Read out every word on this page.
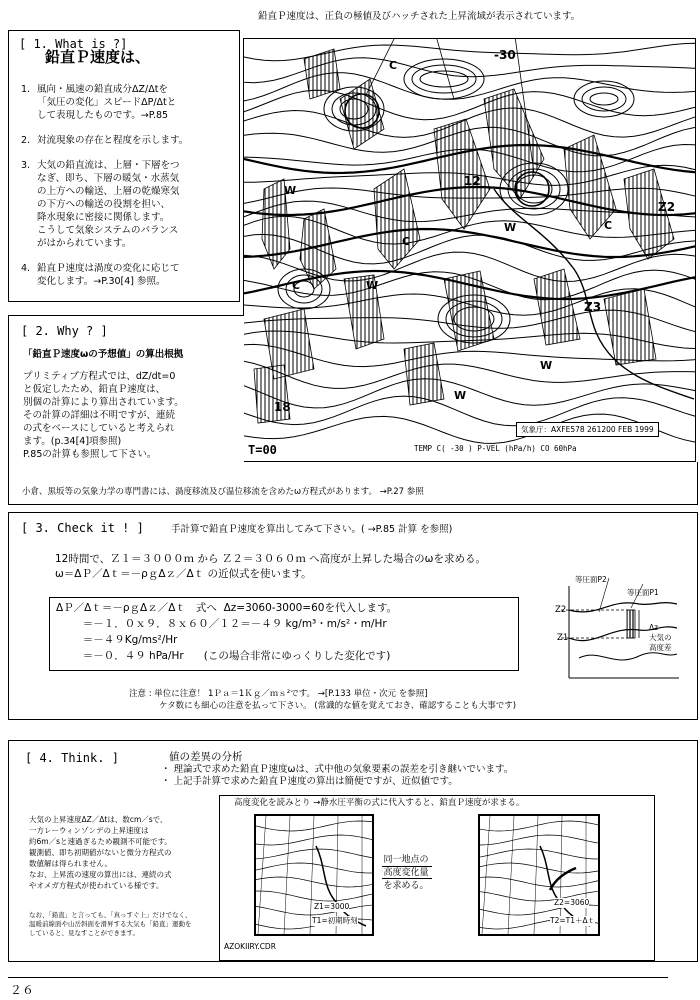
鉛直Ｐ速度は、正負の極値及びハッチされた上昇流域が表示されています。
[ 1. What is ?]
鉛直Ｐ速度は、
1. 風向・風速の鉛直成分ΔZ/Δtを
「気圧の変化」スピードΔP/Δtと
して表現したものです。→P.85
2. 対流現象の存在と程度を示します。
3. 大気の鉛直流は、上層・下層をつ
なぎ、即ち、下層の暖気・水蒸気
の上方への輸送、上層の乾燥寒気
の下方への輸送の役割を担い、
降水現象に密接に関係します。
こうして気象システムのバランス
がはかられています。
4. 鉛直Ｐ速度は渦度の変化に応じて
変化します。→P.30[4] 参照。
-30
C
W
C
W
C
W
12
W
Z3
Z2
18
W
C
気象庁：AXFE578 261200 FEB 1999
TEMP C( -30 ) P-VEL (hPa/h) CO 60hPa
T=00
[ 2. Why ? ]
「鉛直Ｐ速度ωの予想値」の算出根拠
プリミティブ方程式では、dZ/dt=0
と仮定したため、鉛直Ｐ速度は、
別個の計算により算出されています。
その計算の詳細は不明ですが、連続
の式をベースにしていると考えられ
ます。(p.34[4]項参照)
P.85の計算も参照して下さい。
小倉、黒坂等の気象力学の専門書には、渦度移流及び温位移流を含めたω方程式があります。 →P.27 参照
[ 3. Check it ! ]	手計算で鉛直Ｐ速度を算出してみて下さい。( →P.85 計算 を参照)
12時間で、Ｚ１＝３０００ｍ から Ｚ２＝３０６０ｍ へ高度が上昇した場合のωを求める。
ω＝ΔＰ／Δｔ＝－ρｇΔｚ／Δｔ の近似式を使います。
ΔＰ／Δｔ＝－ρｇΔｚ／Δｔ   式へ  Δz=3060-3000=60を代入します。
＝－１．０ｘ９．８ｘ６０／１２＝－４９ kg/m³・m/s²・m/Hr
＝－４９Kg/ms²/Hr
＝－０．４９ hPa/Hr      (この場合非常にゆっくりした変化です)
等圧面P2
等圧面P1
Z2
Z1
Δz
大気の
高度差
注意 : 単位に注意！ 1Ｐａ＝1Ｋｇ／ｍｓ²です。 →[P.133 単位・次元 を参照]
ケタ数にも細心の注意を払って下さい。 (常識的な値を覚えておき、確認することも大事です)
[ 4. Think. ]	値の差異の分析
・ 理論式で求めた鉛直Ｐ速度ωは、式中他の気象要素の誤差を引き継いでいます。
・ 上記手計算で求めた鉛直Ｐ速度の算出は簡便ですが、近似値です。
大気の上昇速度ΔZ／Δtは、数cm／sで、
一方レーウィンゾンデの上昇速度は
約6m／sと速過ぎるため観測不可能です。
観測値、即ち初期値がないと微分方程式の
数値解は得られません。
なお、上昇流の速度の算出には、連続の式
やオメガ方程式が使われている様です。
なお、「鉛直」と言っても、「真っすぐ上」だけでなく、
温暖前線面や山岳斜面を滑昇する大気も「鉛直」運動を
していると、見なすことができます。
高度変化を読みとり →静水圧平衡の式に代入すると、鉛直Ｐ速度が求まる。
Z1=3000
T1=初期時刻
同一地点の
高度変化量
を求める。
Z2=3060
T2=T1＋Δｔ
AZOKIIRY.CDR
２６
